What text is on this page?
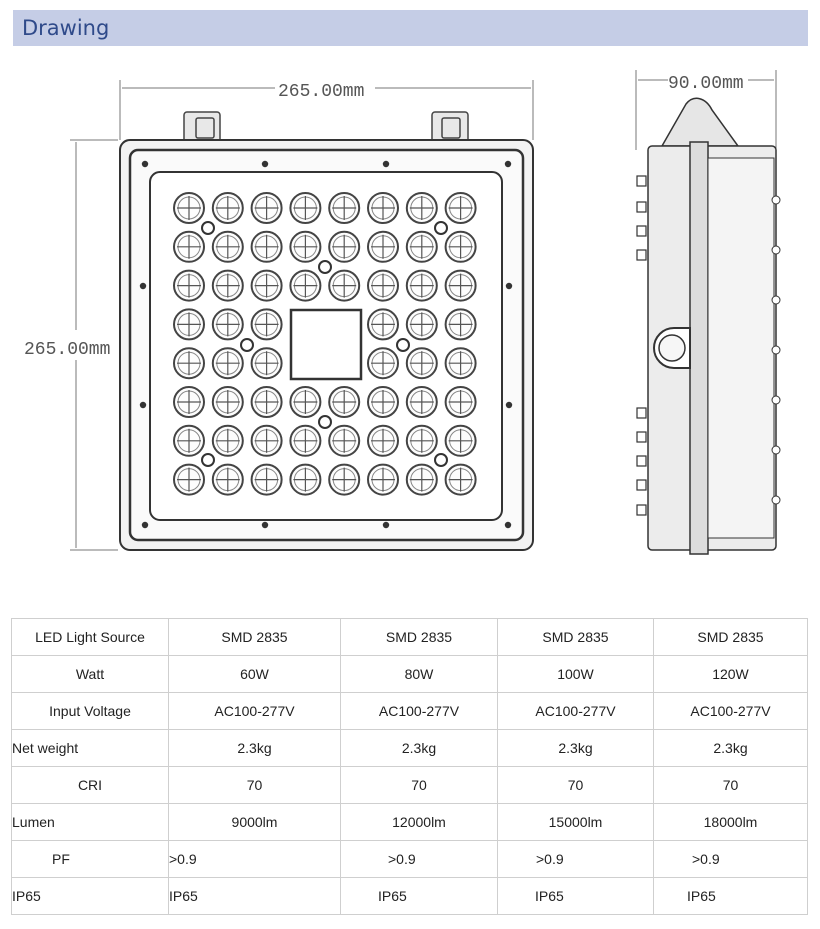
Drawing
265.00mm
265.00mm
90.00mm
LED Light Source	SMD 2835	SMD 2835	SMD 2835	SMD 2835
Watt	60W	80W	100W	120W
Input Voltage	AC100-277V	AC100-277V	AC100-277V	AC100-277V
Net weight	2.3kg	2.3kg	2.3kg	2.3kg
CRI	70	70	70	70
Lumen	9000lm	12000lm	15000lm	18000lm
PF	>0.9	>0.9	>0.9	>0.9
IP65	IP65	IP65	IP65	IP65
